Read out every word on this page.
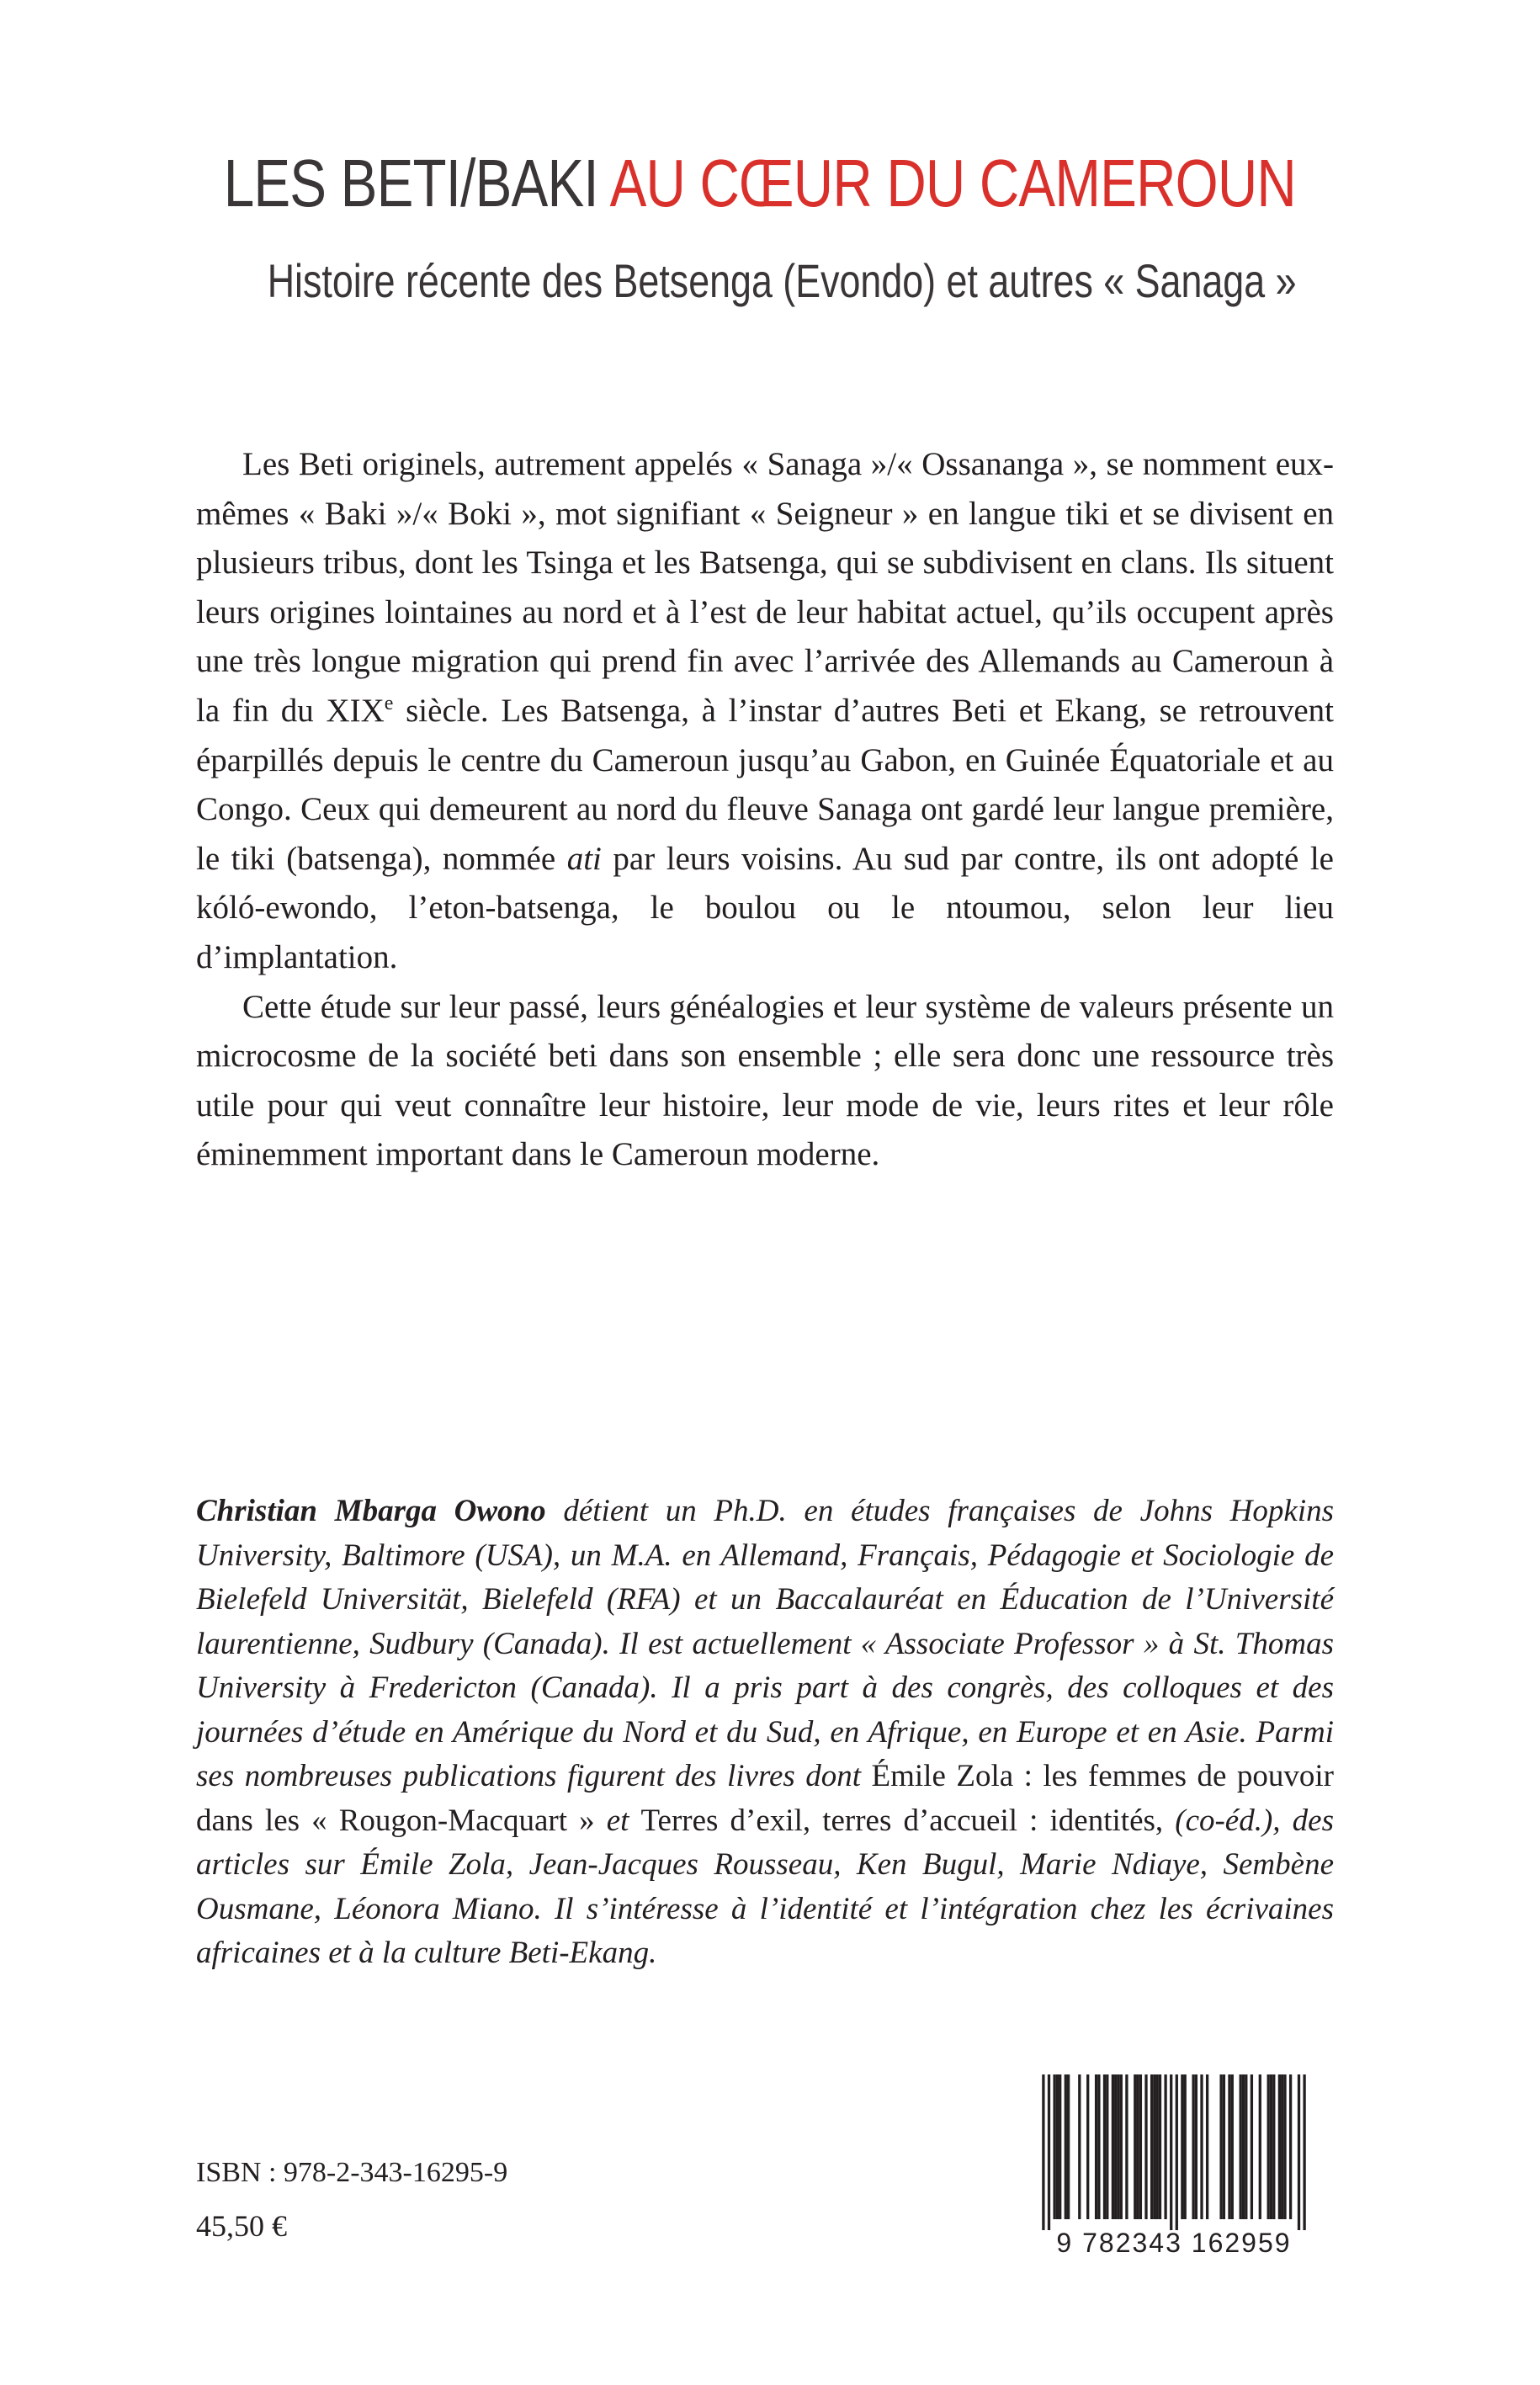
LES BETI/BAKI AU CŒUR DU CAMEROUN
Histoire récente des Betsenga (Evondo) et autres « Sanaga »

Les Beti originels, autrement appelés « Sanaga »/« Ossananga », se nomment eux-mêmes « Baki »/« Boki », mot signifiant « Seigneur » en langue tiki et se divisent en plusieurs tribus, dont les Tsinga et les Batsenga, qui se subdivisent en clans. Ils situent leurs origines lointaines au nord et à l’est de leur habitat actuel, qu’ils occupent après une très longue migration qui prend fin avec l’arrivée des Allemands au Cameroun à la fin du XIXe siècle. Les Batsenga, à l’instar d’autres Beti et Ekang, se retrouvent éparpillés depuis le centre du Cameroun jusqu’au Gabon, en Guinée Équatoriale et au Congo. Ceux qui demeurent au nord du fleuve Sanaga ont gardé leur langue première, le tiki (batsenga), nommée ati par leurs voisins. Au sud par contre, ils ont adopté le kóló-ewondo, l’eton-batsenga, le boulou ou le ntoumou, selon leur lieu d’implantation.

Cette étude sur leur passé, leurs généalogies et leur système de valeurs présente un microcosme de la société beti dans son ensemble ; elle sera donc une ressource très utile pour qui veut connaître leur histoire, leur mode de vie, leurs rites et leur rôle éminemment important dans le Cameroun moderne.

Christian Mbarga Owono détient un Ph.D. en études françaises de Johns Hopkins University, Baltimore (USA), un M.A. en Allemand, Français, Pédagogie et Sociologie de Bielefeld Universität, Bielefeld (RFA) et un Baccalauréat en Éducation de l’Université laurentienne, Sudbury (Canada). Il est actuellement « Associate Professor » à St. Thomas University à Fredericton (Canada). Il a pris part à des congrès, des colloques et des journées d’étude en Amérique du Nord et du Sud, en Afrique, en Europe et en Asie. Parmi ses nombreuses publications figurent des livres dont Émile Zola : les femmes de pouvoir dans les « Rougon-Macquart » et Terres d’exil, terres d’accueil : identités, (co-éd.), des articles sur Émile Zola, Jean-Jacques Rousseau, Ken Bugul, Marie Ndiaye, Sembène Ousmane, Léonora Miano. Il s’intéresse à l’identité et l’intégration chez les écrivaines africaines et à la culture Beti-Ekang.
ISBN : 978-2-343-16295-9
45,50 €	9 782343 162959
